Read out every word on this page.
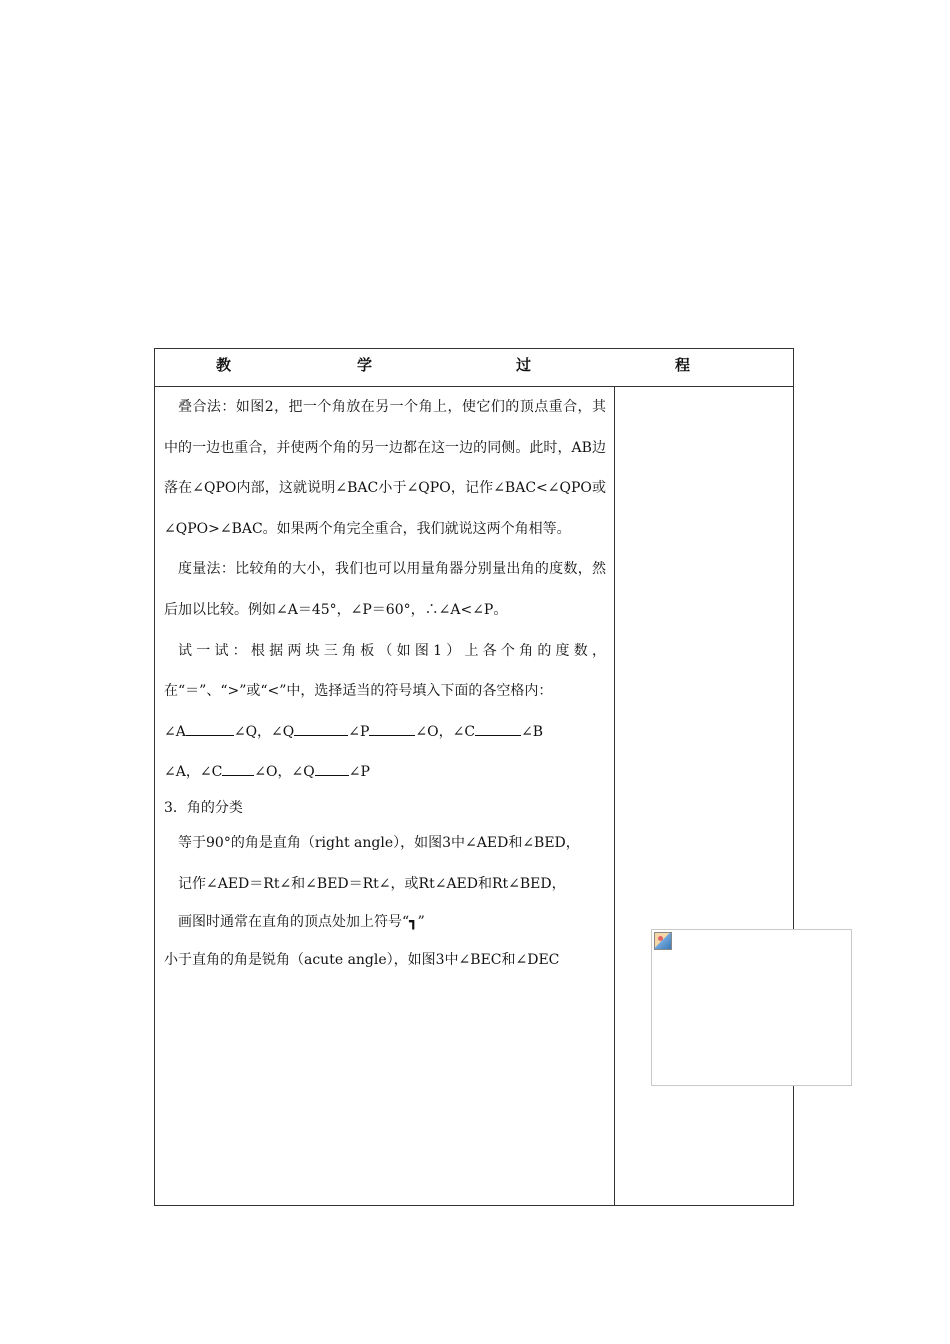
教	学	过	程

叠合法：如图2，把一个角放在另一个角上，使它们的顶点重合，其中的一边也重合，并使两个角的另一边都在这一边的同侧。此时，AB边落在∠QPO内部，这就说明∠BAC小于∠QPO，记作∠BAC<∠QPO或∠QPO>∠BAC。如果两个角完全重合，我们就说这两个角相等。

度量法：比较角的大小，我们也可以用量角器分别量出角的度数，然后加以比较。例如∠A＝45°，∠P＝60°，∴∠A<∠P。

试一试：根据两块三角板（如图1）上各个角的度数，在“＝”、“>”或“<”中，选择适当的符号填入下面的各空格内：

∠A	∠Q，∠Q	∠P	∠O，∠C	∠B

∠A，∠C ∠O，∠Q ∠P

3．角的分类

等于90°的角是直角（right angle），如图3中∠AED和∠BED，

记作∠AED＝Rt∠和∠BED＝Rt∠，或Rt∠AED和Rt∠BED，

画图时通常在直角的顶点处加上符号“┓”

小于直角的角是锐角（acute angle），如图3中∠BEC和∠DEC
